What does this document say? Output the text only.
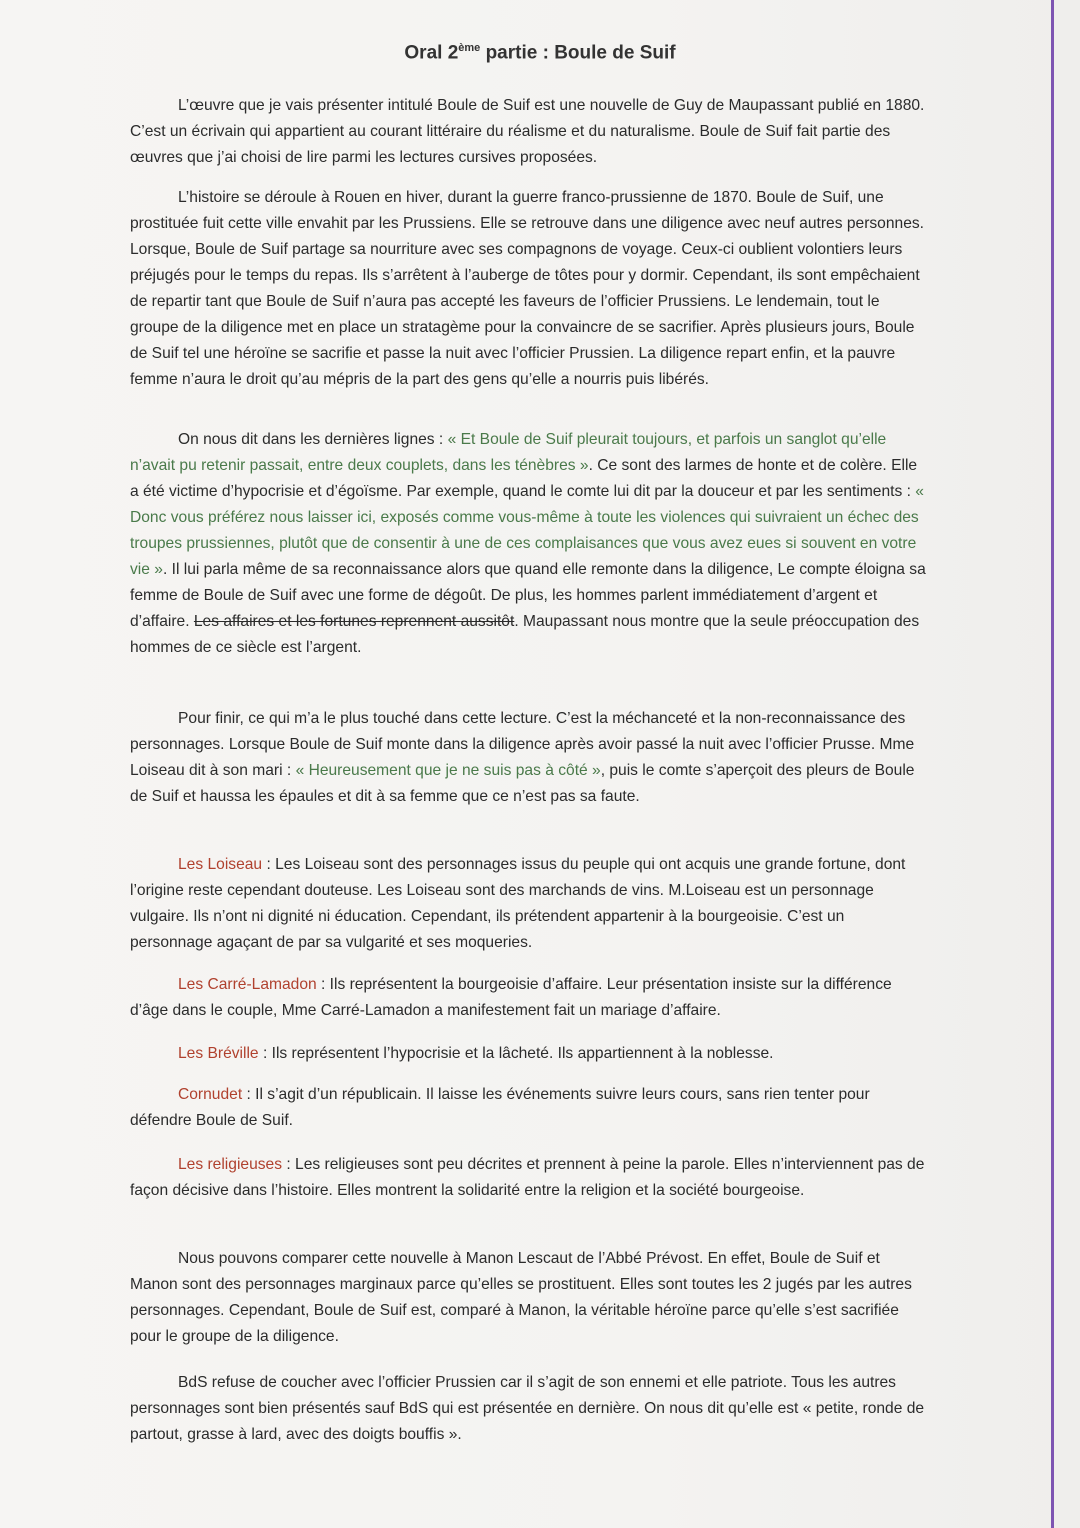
Oral 2ème partie : Boule de Suif

L’œuvre que je vais présenter intitulé Boule de Suif est une nouvelle de Guy de Maupassant publié en 1880. C’est un écrivain qui appartient au courant littéraire du réalisme et du naturalisme. Boule de Suif fait partie des œuvres que j’ai choisi de lire parmi les lectures cursives proposées.

L’histoire se déroule à Rouen en hiver, durant la guerre franco-prussienne de 1870. Boule de Suif, une prostituée fuit cette ville envahit par les Prussiens. Elle se retrouve dans une diligence avec neuf autres personnes. Lorsque, Boule de Suif partage sa nourriture avec ses compagnons de voyage. Ceux-ci oublient volontiers leurs préjugés pour le temps du repas. Ils s’arrêtent à l’auberge de tôtes pour y dormir. Cependant, ils sont empêchaient de repartir tant que Boule de Suif n’aura pas accepté les faveurs de l’officier Prussiens. Le lendemain, tout le groupe de la diligence met en place un stratagème pour la convaincre de se sacrifier. Après plusieurs jours, Boule de Suif tel une héroïne se sacrifie et passe la nuit avec l’officier Prussien. La diligence repart enfin, et la pauvre femme n’aura le droit qu’au mépris de la part des gens qu’elle a nourris puis libérés.

On nous dit dans les dernières lignes : « Et Boule de Suif pleurait toujours, et parfois un sanglot qu’elle n’avait pu retenir passait, entre deux couplets, dans les ténèbres ». Ce sont des larmes de honte et de colère. Elle a été victime d’hypocrisie et d’égoïsme. Par exemple, quand le comte lui dit par la douceur et par les sentiments : « Donc vous préférez nous laisser ici, exposés comme vous-même à toute les violences qui suivraient un échec des troupes prussiennes, plutôt que de consentir à une de ces complaisances que vous avez eues si souvent en votre vie ». Il lui parla même de sa reconnaissance alors que quand elle remonte dans la diligence, Le compte éloigna sa femme de Boule de Suif avec une forme de dégoût. De plus, les hommes parlent immédiatement d’argent et d’affaire. Les affaires et les fortunes reprennent aussitôt. Maupassant nous montre que la seule préoccupation des hommes de ce siècle est l’argent.

Pour finir, ce qui m’a le plus touché dans cette lecture. C’est la méchanceté et la non-reconnaissance des personnages. Lorsque Boule de Suif monte dans la diligence après avoir passé la nuit avec l’officier Prusse. Mme Loiseau dit à son mari : « Heureusement que je ne suis pas à côté », puis le comte s’aperçoit des pleurs de Boule de Suif et haussa les épaules et dit à sa femme que ce n’est pas sa faute.

Les Loiseau : Les Loiseau sont des personnages issus du peuple qui ont acquis une grande fortune, dont l’origine reste cependant douteuse. Les Loiseau sont des marchands de vins. M.Loiseau est un personnage vulgaire. Ils n’ont ni dignité ni éducation. Cependant, ils prétendent appartenir à la bourgeoisie. C’est un personnage agaçant de par sa vulgarité et ses moqueries.

Les Carré-Lamadon : Ils représentent la bourgeoisie d’affaire. Leur présentation insiste sur la différence d’âge dans le couple, Mme Carré-Lamadon a manifestement fait un mariage d’affaire.

Les Bréville : Ils représentent l’hypocrisie et la lâcheté. Ils appartiennent à la noblesse.

Cornudet : Il s’agit d’un républicain. Il laisse les événements suivre leurs cours, sans rien tenter pour défendre Boule de Suif.

Les religieuses : Les religieuses sont peu décrites et prennent à peine la parole. Elles n’interviennent pas de façon décisive dans l’histoire. Elles montrent la solidarité entre la religion et la société bourgeoise.

Nous pouvons comparer cette nouvelle à Manon Lescaut de l’Abbé Prévost. En effet, Boule de Suif et Manon sont des personnages marginaux parce qu’elles se prostituent. Elles sont toutes les 2 jugés par les autres personnages. Cependant, Boule de Suif est, comparé à Manon, la véritable héroïne parce qu’elle s’est sacrifiée pour le groupe de la diligence.

BdS refuse de coucher avec l’officier Prussien car il s’agit de son ennemi et elle patriote. Tous les autres personnages sont bien présentés sauf BdS qui est présentée en dernière. On nous dit qu’elle est « petite, ronde de partout, grasse à lard, avec des doigts bouffis ».
